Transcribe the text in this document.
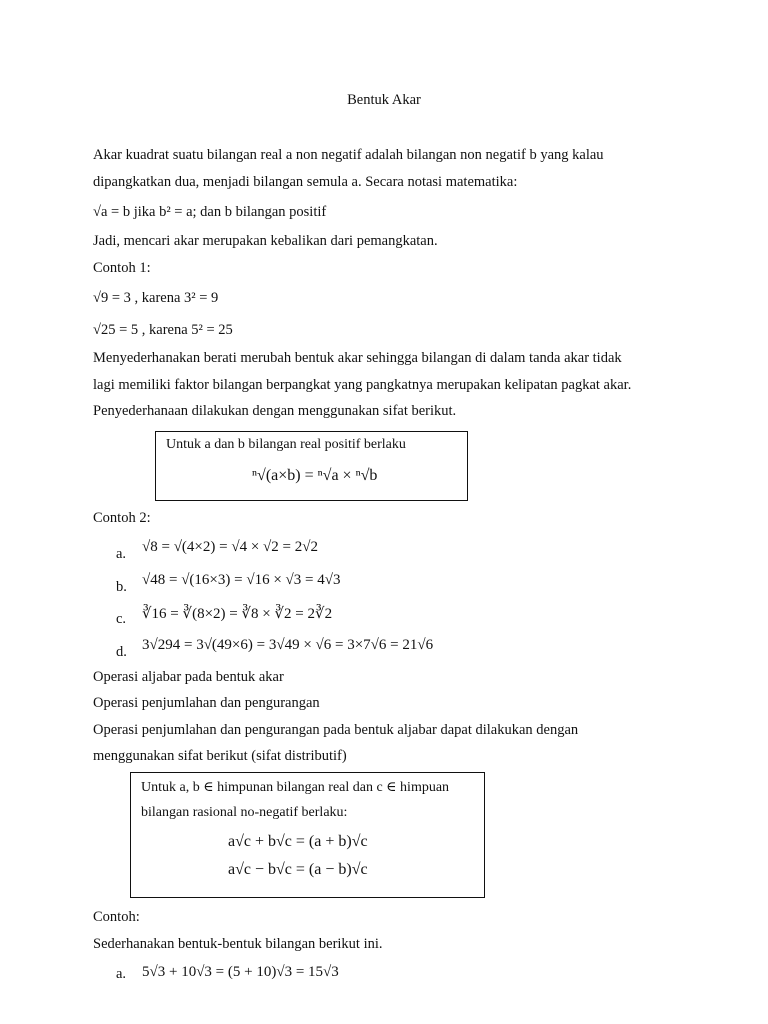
Bentuk Akar
Akar kuadrat suatu bilangan real a non negatif adalah bilangan non negatif b yang kalau
dipangkatkan dua, menjadi bilangan semula a. Secara notasi matematika:
√a = b jika b² = a; dan b bilangan positif
Jadi, mencari akar merupakan kebalikan dari pemangkatan.
Contoh 1:
√9 = 3 , karena 3² = 9
√25 = 5 , karena 5² = 25
Menyederhanakan berati merubah bentuk akar sehingga bilangan di dalam tanda akar tidak
lagi memiliki faktor bilangan berpangkat yang pangkatnya merupakan kelipatan pagkat akar.
Penyederhanaan dilakukan dengan menggunakan sifat berikut.
Untuk a dan b bilangan real positif berlaku
ⁿ√(a×b) = ⁿ√a × ⁿ√b
Contoh 2:
a. √8 = √(4×2) = √4 × √2 = 2√2
b. √48 = √(16×3) = √16 × √3 = 4√3
c. ∛16 = ∛(8×2) = ∛8 × ∛2 = 2∛2
d. 3√294 = 3√(49×6) = 3√49 × √6 = 3×7√6 = 21√6
Operasi aljabar pada bentuk akar
Operasi penjumlahan dan pengurangan
Operasi penjumlahan dan pengurangan pada bentuk aljabar dapat dilakukan dengan
menggunakan sifat berikut (sifat distributif)
Untuk a, b ∈ himpunan bilangan real dan c ∈ himpuan
bilangan rasional no-negatif berlaku:
a√c + b√c = (a + b)√c
a√c − b√c = (a − b)√c
Contoh:
Sederhanakan bentuk-bentuk bilangan berikut ini.
a. 5√3 + 10√3 = (5 + 10)√3 = 15√3
